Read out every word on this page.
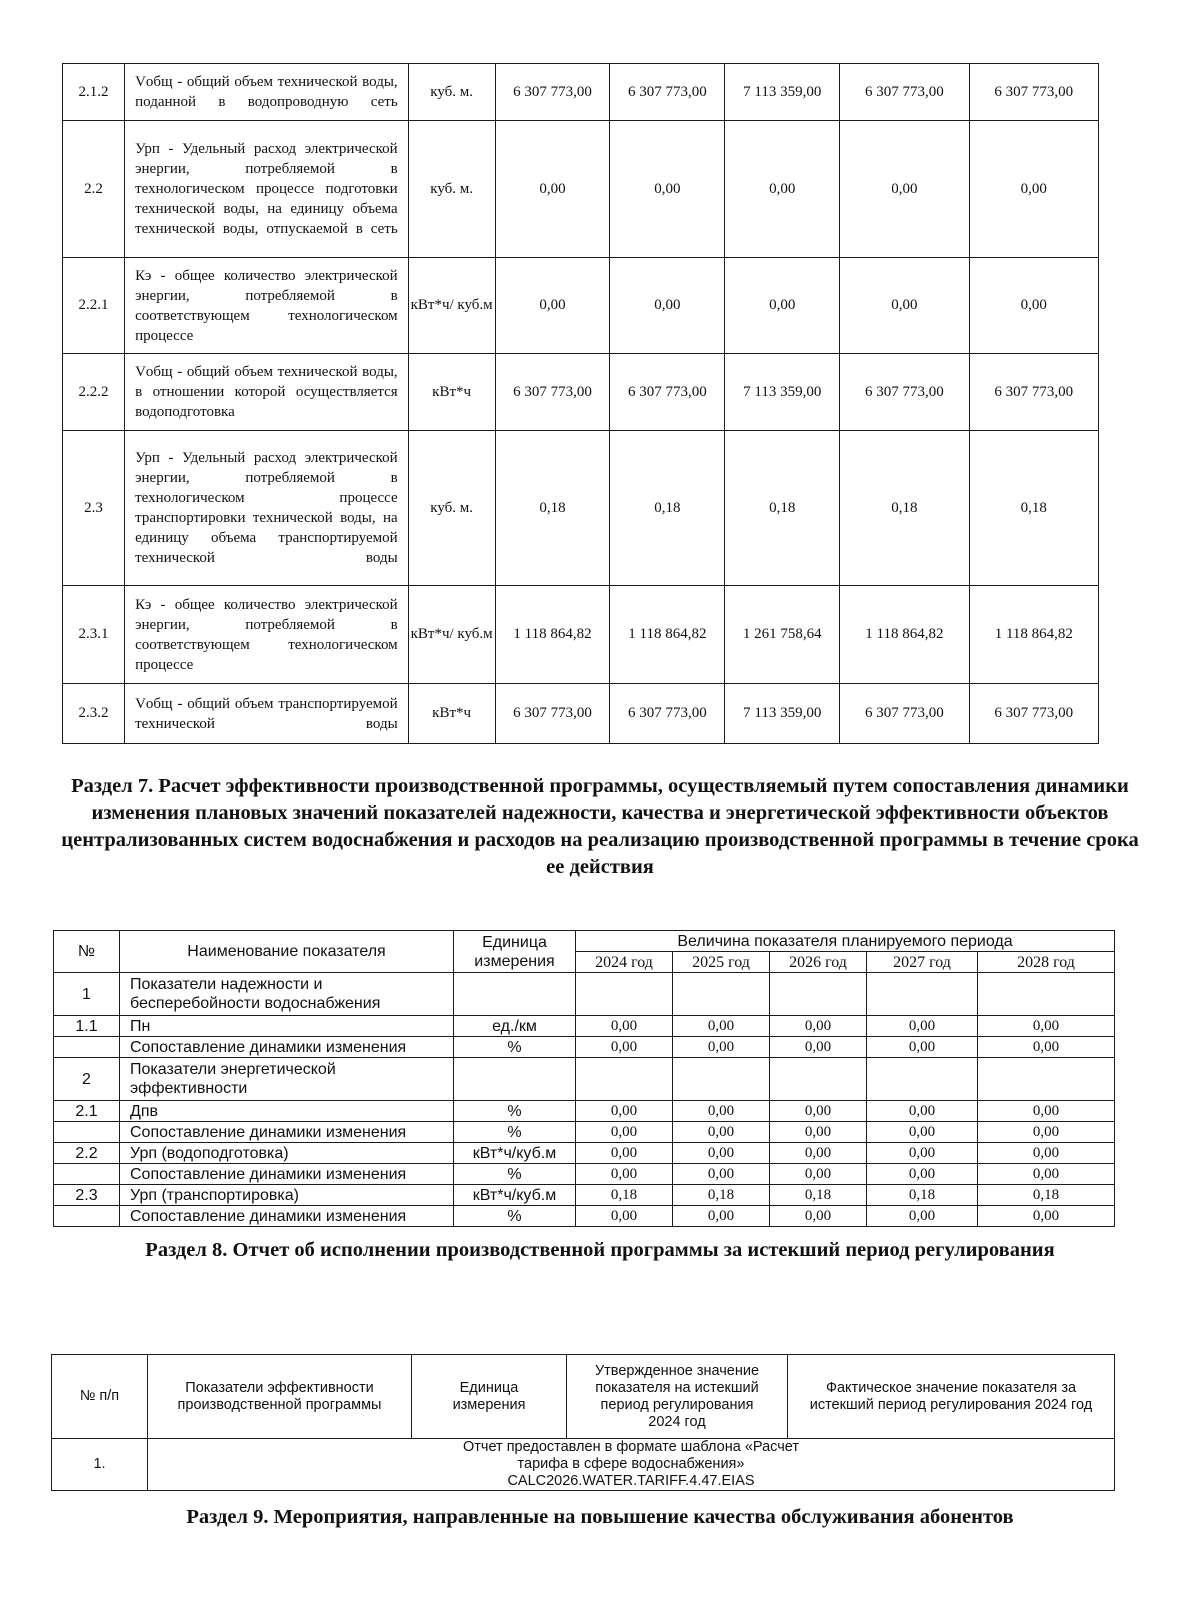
2.1.2	Vобщ - общий объем технической воды, поданной в водопроводную сеть	куб. м.	6 307 773,00	6 307 773,00	7 113 359,00	6 307 773,00	6 307 773,00
2.2	Урп - Удельный расход электрической энергии, потребляемой в технологическом процессе подготовки технической воды, на единицу объема технической воды, отпускаемой в сеть	куб. м.	0,00	0,00	0,00	0,00	0,00
2.2.1	Кэ - общее количество электрической энергии, потребляемой в соответствующем технологическом процессе	кВт*ч/ куб.м	0,00	0,00	0,00	0,00	0,00
2.2.2	Vобщ - общий объем технической воды, в отношении которой осуществляется водоподготовка	кВт*ч	6 307 773,00	6 307 773,00	7 113 359,00	6 307 773,00	6 307 773,00
2.3	Урп - Удельный расход электрической энергии, потребляемой в технологическом процессе транспортировки технической воды, на единицу объема транспортируемой технической воды	куб. м.	0,18	0,18	0,18	0,18	0,18
2.3.1	Кэ - общее количество электрической энергии, потребляемой в соответствующем технологическом процессе	кВт*ч/ куб.м	1 118 864,82	1 118 864,82	1 261 758,64	1 118 864,82	1 118 864,82
2.3.2	Vобщ - общий объем транспортируемой технической воды	кВт*ч	6 307 773,00	6 307 773,00	7 113 359,00	6 307 773,00	6 307 773,00
Раздел 7. Расчет эффективности производственной программы, осуществляемый путем сопоставления динамики изменения плановых значений показателей надежности, качества и энергетической эффективности объектов централизованных систем водоснабжения и расходов на реализацию производственной программы в течение срока ее действия
№	Наименование показателя	Единица измерения	Величина показателя планируемого периода				
			2024 год	2025 год	2026 год	2027 год	2028 год
1	Показатели надежности и бесперебойности водоснабжения						
1.1	Пн	ед./км	0,00	0,00	0,00	0,00	0,00
	Сопоставление динамики изменения	%	0,00	0,00	0,00	0,00	0,00
2	Показатели энергетической эффективности						
2.1	Дпв	%	0,00	0,00	0,00	0,00	0,00
	Сопоставление динамики изменения	%	0,00	0,00	0,00	0,00	0,00
2.2	Урп (водоподготовка)	кВт*ч/куб.м	0,00	0,00	0,00	0,00	0,00
	Сопоставление динамики изменения	%	0,00	0,00	0,00	0,00	0,00
2.3	Урп (транспортировка)	кВт*ч/куб.м	0,18	0,18	0,18	0,18	0,18
	Сопоставление динамики изменения	%	0,00	0,00	0,00	0,00	0,00
Раздел 8. Отчет об исполнении производственной программы за истекший период регулирования
№ п/п	Показатели эффективности производственной программы	Единица измерения	Утвержденное значение показателя на истекший период регулирования 2024 год	Фактическое значение показателя за истекший период регулирования 2024 год
1.	Отчет предоставлен в формате шаблона «Расчет тарифа в сфере водоснабжения» CALC2026.WATER.TARIFF.4.47.EIAS			
Раздел 9. Мероприятия, направленные на повышение качества обслуживания абонентов
